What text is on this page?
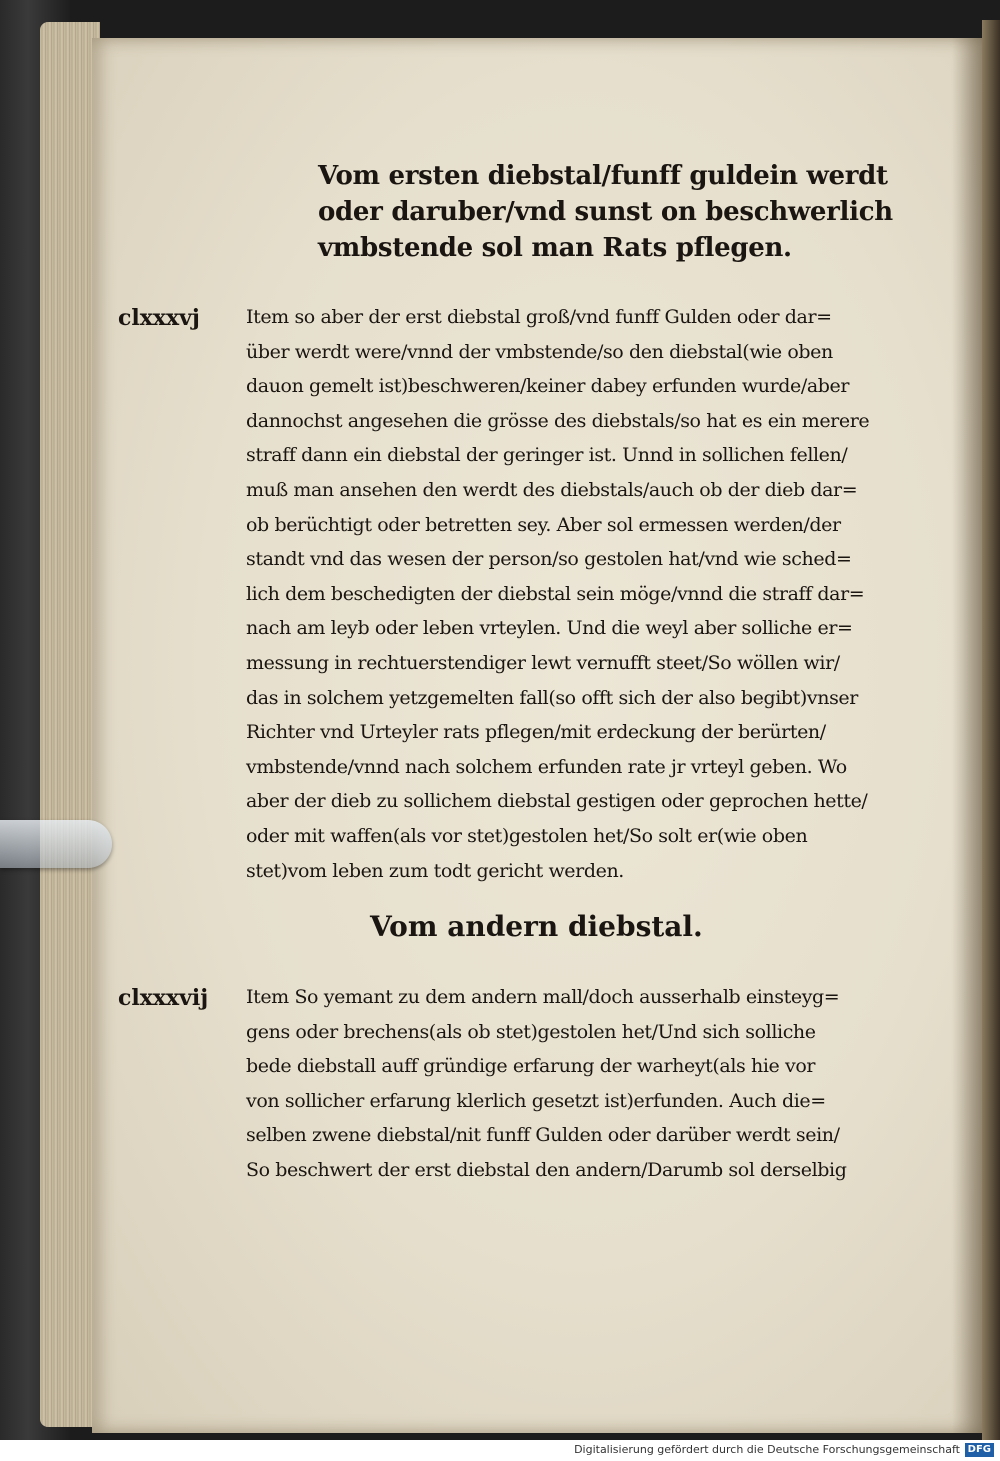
Vom ersten diebstal/funff guldein werdt
oder daruber/vnd sunst on beschwerlich
vmbstende sol man Rats pflegen.
clxxxvj Item so aber der erst diebstal groß/vnd funff Gulden oder dar=
über werdt were/vnnd der vmbstende/so den diebstal(wie oben
dauon gemelt ist)beschweren/keiner dabey erfunden wurde/aber
dannochst angesehen die grösse des diebstals/so hat es ein merere
straff dann ein diebstal der geringer ist. Unnd in sollichen fellen/
muß man ansehen den werdt des diebstals/auch ob der dieb dar=
ob berüchtigt oder betretten sey. Aber sol ermessen werden/der
standt vnd das wesen der person/so gestolen hat/vnd wie sched=
lich dem beschedigten der diebstal sein möge/vnnd die straff dar=
nach am leyb oder leben vrteylen. Und die weyl aber solliche er=
messung in rechtuerstendiger lewt vernufft steet/So wöllen wir/
das in solchem yetzgemelten fall(so offt sich der also begibt)vnser
Richter vnd Urteyler rats pflegen/mit erdeckung der berürten/
vmbstende/vnnd nach solchem erfunden rate jr vrteyl geben. Wo
aber der dieb zu sollichem diebstal gestigen oder geprochen hette/
oder mit waffen(als vor stet)gestolen het/So solt er(wie oben
stet)vom leben zum todt gericht werden.
Vom andern diebstal.
clxxxvij Item So yemant zu dem andern mall/doch ausserhalb einsteyg=
gens oder brechens(als ob stet)gestolen het/Und sich solliche
bede diebstall auff gründige erfarung der warheyt(als hie vor
von sollicher erfarung klerlich gesetzt ist)erfunden. Auch die=
selben zwene diebstal/nit funff Gulden oder darüber werdt sein/
So beschwert der erst diebstal den andern/Darumb sol derselbig
Digitalisierung gefördert durch die Deutsche Forschungsgemeinschaft DFG
